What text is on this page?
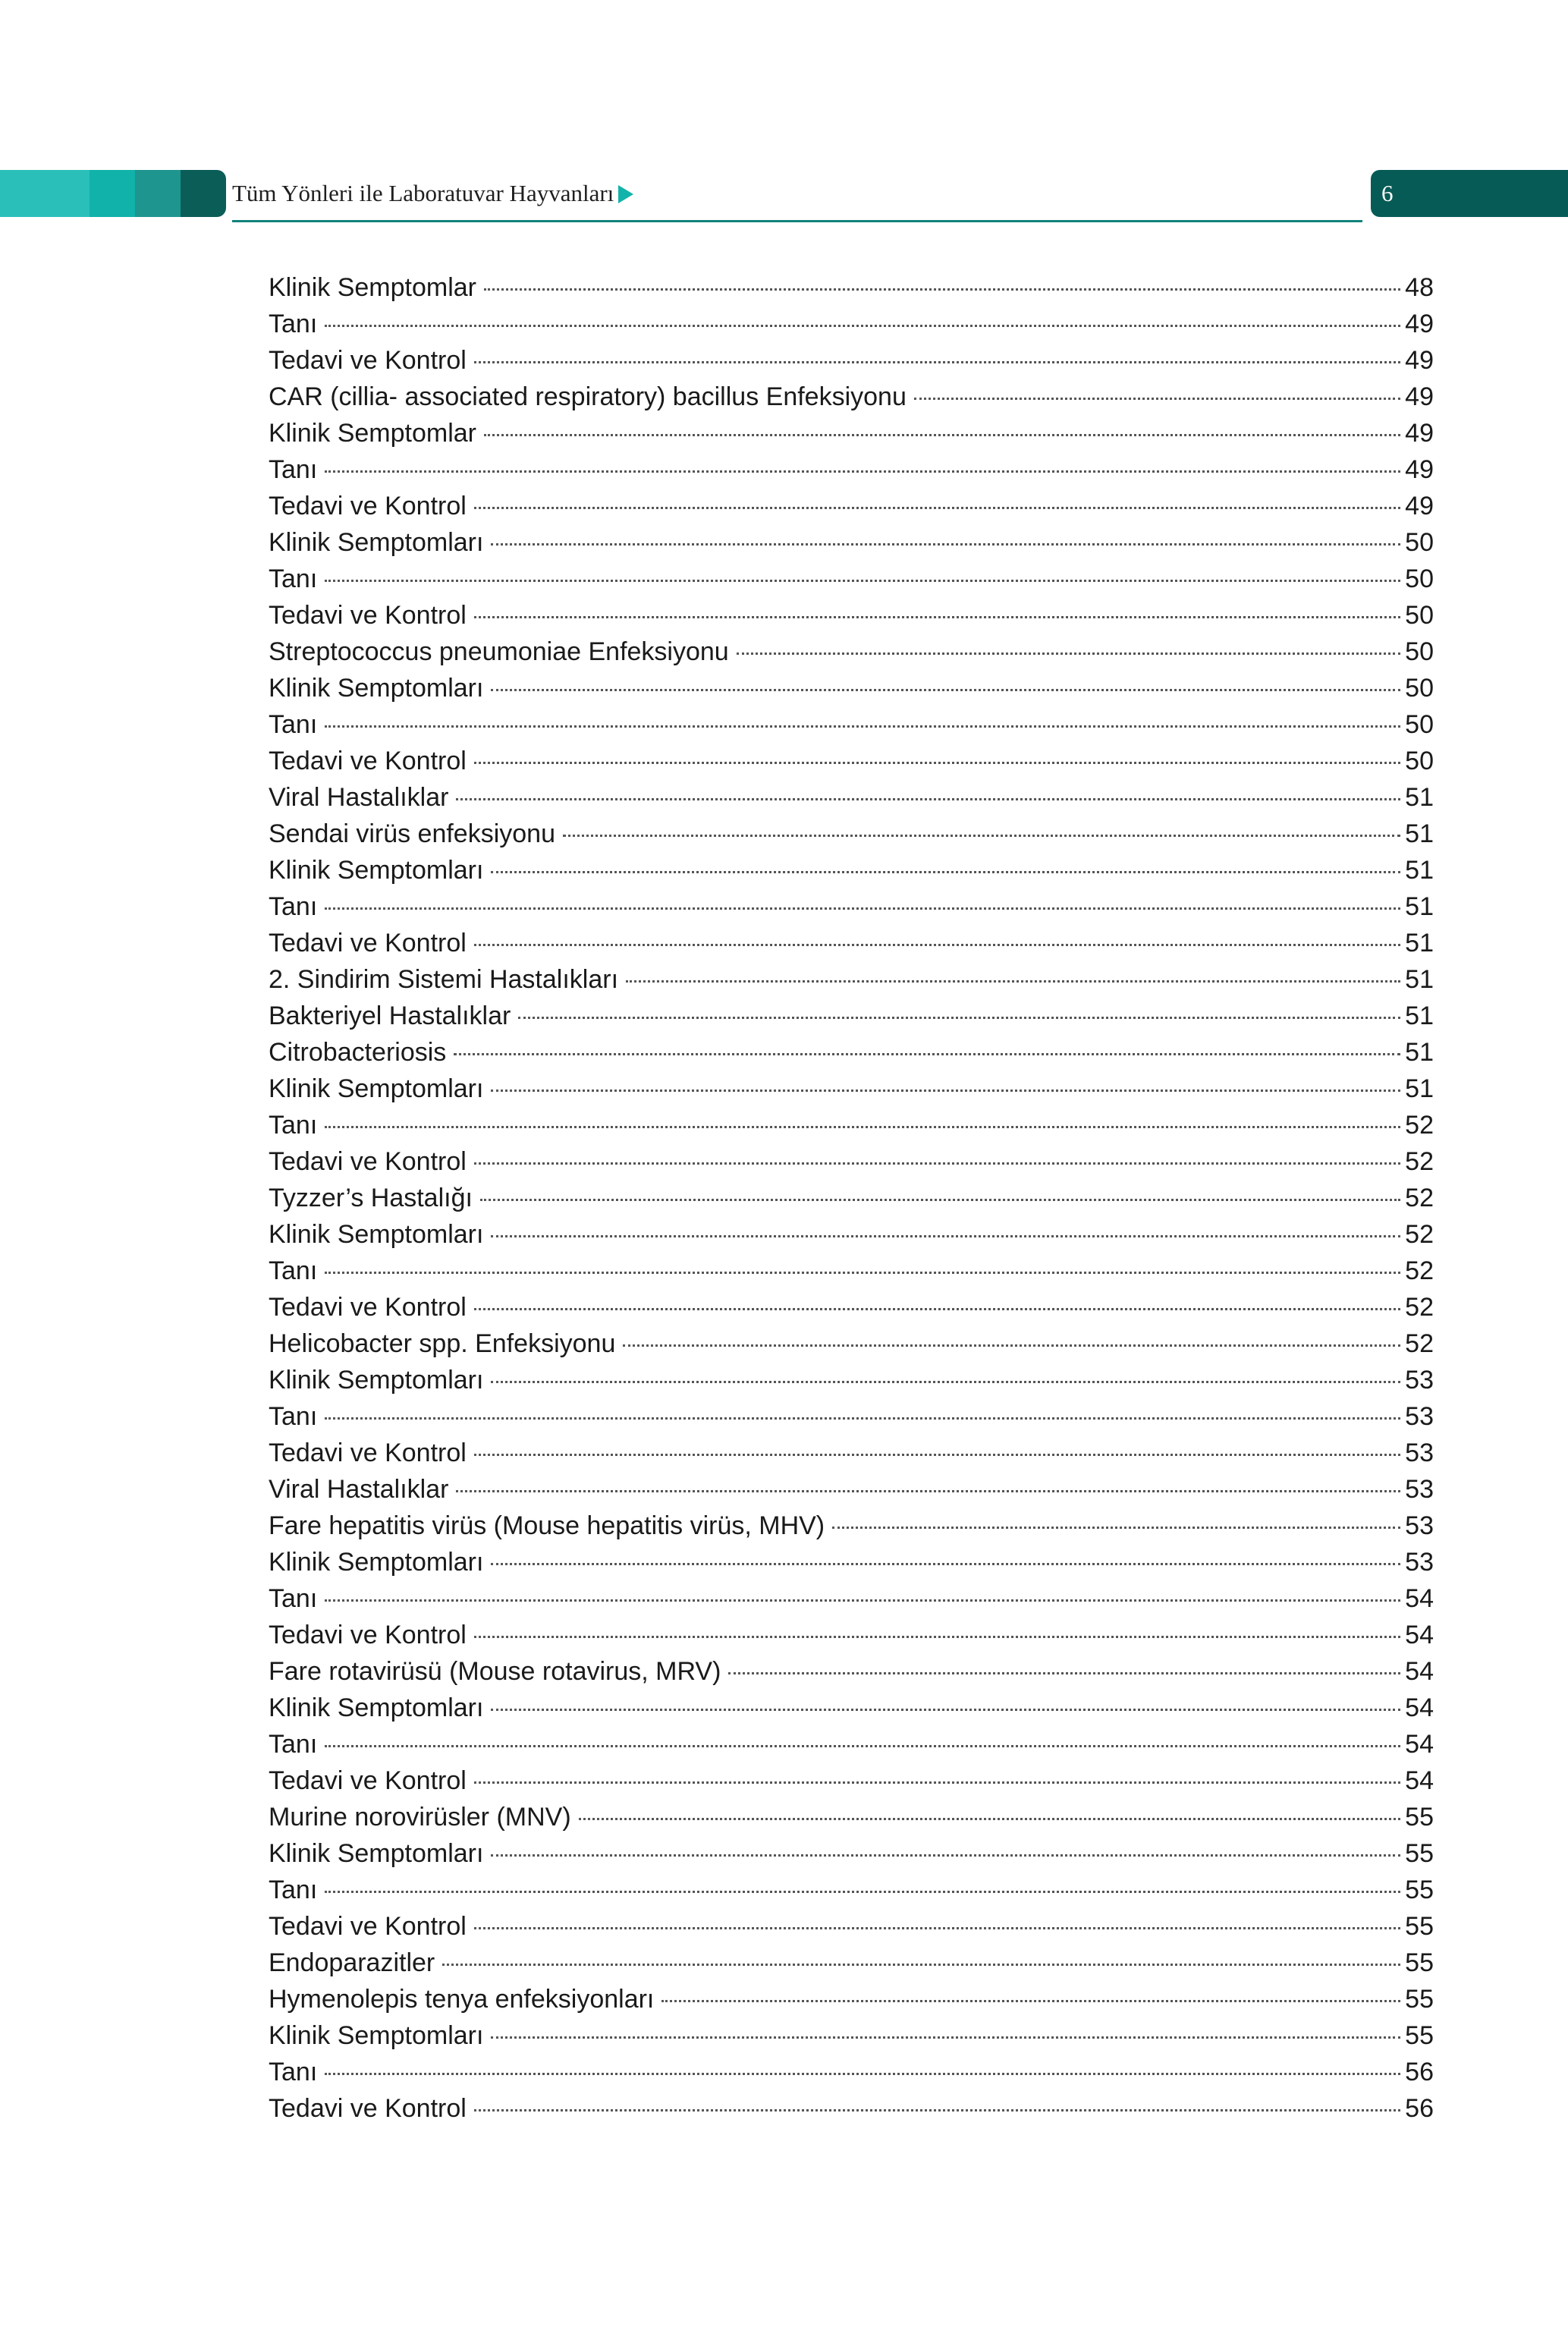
Tüm Yönleri ile Laboratuvar Hayvanları	6
Klinik Semptomlar	48
Tanı	49
Tedavi ve Kontrol	49
CAR (cillia- associated respiratory) bacillus Enfeksiyonu	49
Klinik Semptomlar	49
Tanı	49
Tedavi ve Kontrol	49
Klinik Semptomları	50
Tanı	50
Tedavi ve Kontrol	50
Streptococcus pneumoniae Enfeksiyonu	50
Klinik Semptomları	50
Tanı	50
Tedavi ve Kontrol	50
Viral Hastalıklar	51
Sendai virüs enfeksiyonu	51
Klinik Semptomları	51
Tanı	51
Tedavi ve Kontrol	51
2. Sindirim Sistemi Hastalıkları	51
Bakteriyel Hastalıklar	51
Citrobacteriosis	51
Klinik Semptomları	51
Tanı	52
Tedavi ve Kontrol	52
Tyzzer’s Hastalığı	52
Klinik Semptomları	52
Tanı	52
Tedavi ve Kontrol	52
Helicobacter spp. Enfeksiyonu	52
Klinik Semptomları	53
Tanı	53
Tedavi ve Kontrol	53
Viral Hastalıklar	53
Fare hepatitis virüs (Mouse hepatitis virüs, MHV)	53
Klinik Semptomları	53
Tanı	54
Tedavi ve Kontrol	54
Fare rotavirüsü (Mouse rotavirus, MRV)	54
Klinik Semptomları	54
Tanı	54
Tedavi ve Kontrol	54
Murine norovirüsler (MNV)	55
Klinik Semptomları	55
Tanı	55
Tedavi ve Kontrol	55
Endoparazitler	55
Hymenolepis tenya enfeksiyonları	55
Klinik Semptomları	55
Tanı	56
Tedavi ve Kontrol	56
